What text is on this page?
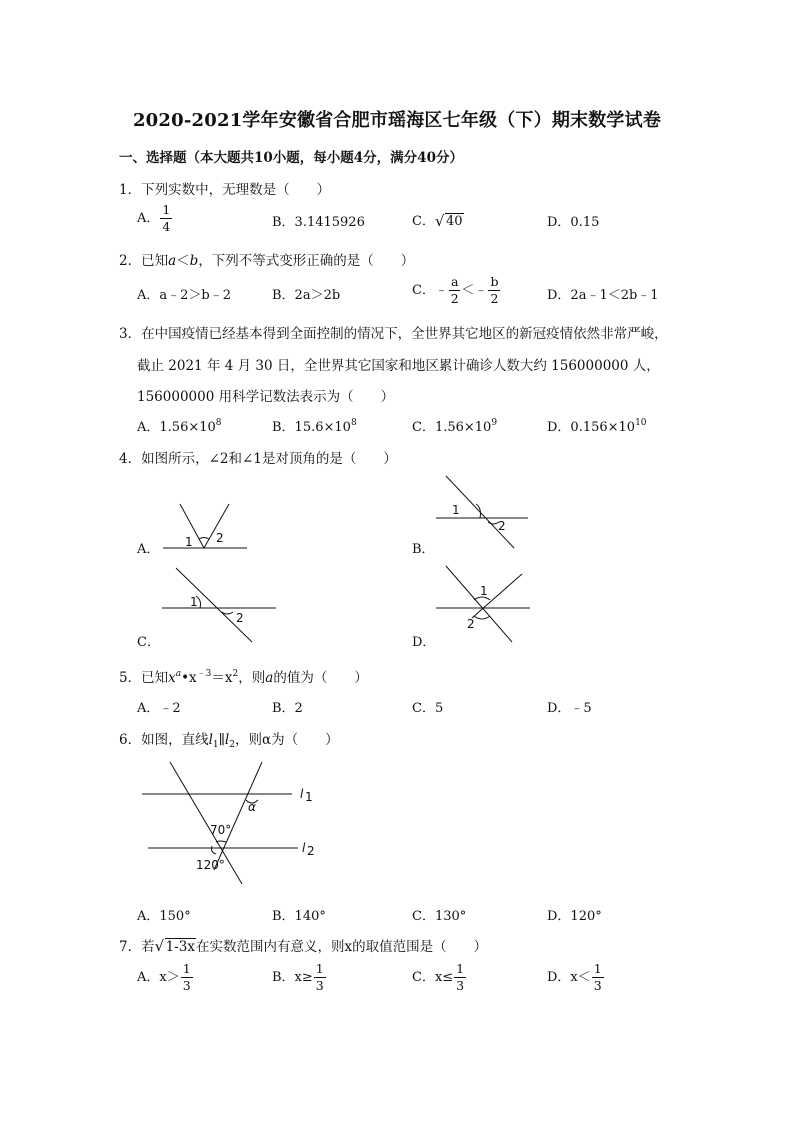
2020-2021学年安徽省合肥市瑶海区七年级（下）期末数学试卷
一、选择题（本大题共10小题，每小题4分，满分40分）
1．下列实数中，无理数是（　　）
A． $\frac{1}{4}$	B．3.1415926	C． √ 40	D．0.15
2．已知a＜b，下列不等式变形正确的是（　　）
A．a﹣2＞b﹣2	B．2a＞2b	C．﹣ $\frac{a}{2}$ ＜﹣ $\frac{b}{2}$	D．2a﹣1＜2b﹣1
3．在中国疫情已经基本得到全面控制的情况下，全世界其它地区的新冠疫情依然非常严峻，
截止 2021 年 4 月 30 日，全世界其它国家和地区累计确诊人数大约 156000000 人，
156000000 用科学记数法表示为（　　）
A．$1.56\times 10^8$	B．$15.6\times 10^8$	C．$1.56\times 10^9$	D．$0.156\times 10^{10}$
4．如图所示，∠2和∠1是对顶角的是（　　）
A． 1 2
B．
1
2
C．
1
2
D．
1
2
5．已知$x^a•x^{﹣3}=x^2$，则a的值为（　　）
A．﹣2	B．2	C．5	D．﹣5
6．如图，直线$l_1\parallel l_2$，则α为（　　）
α
70°
120°
l 1
l 2
A．150°	B．140°	C．130°	D．120°
7．若 √ 1-3x在实数范围内有意义，则x的取值范围是（　　）
A．$x> \frac{1}{3}$	B．$x\ge \frac{1}{3}$	C．$x\le \frac{1}{3}$	D．$x< \frac{1}{3}$
